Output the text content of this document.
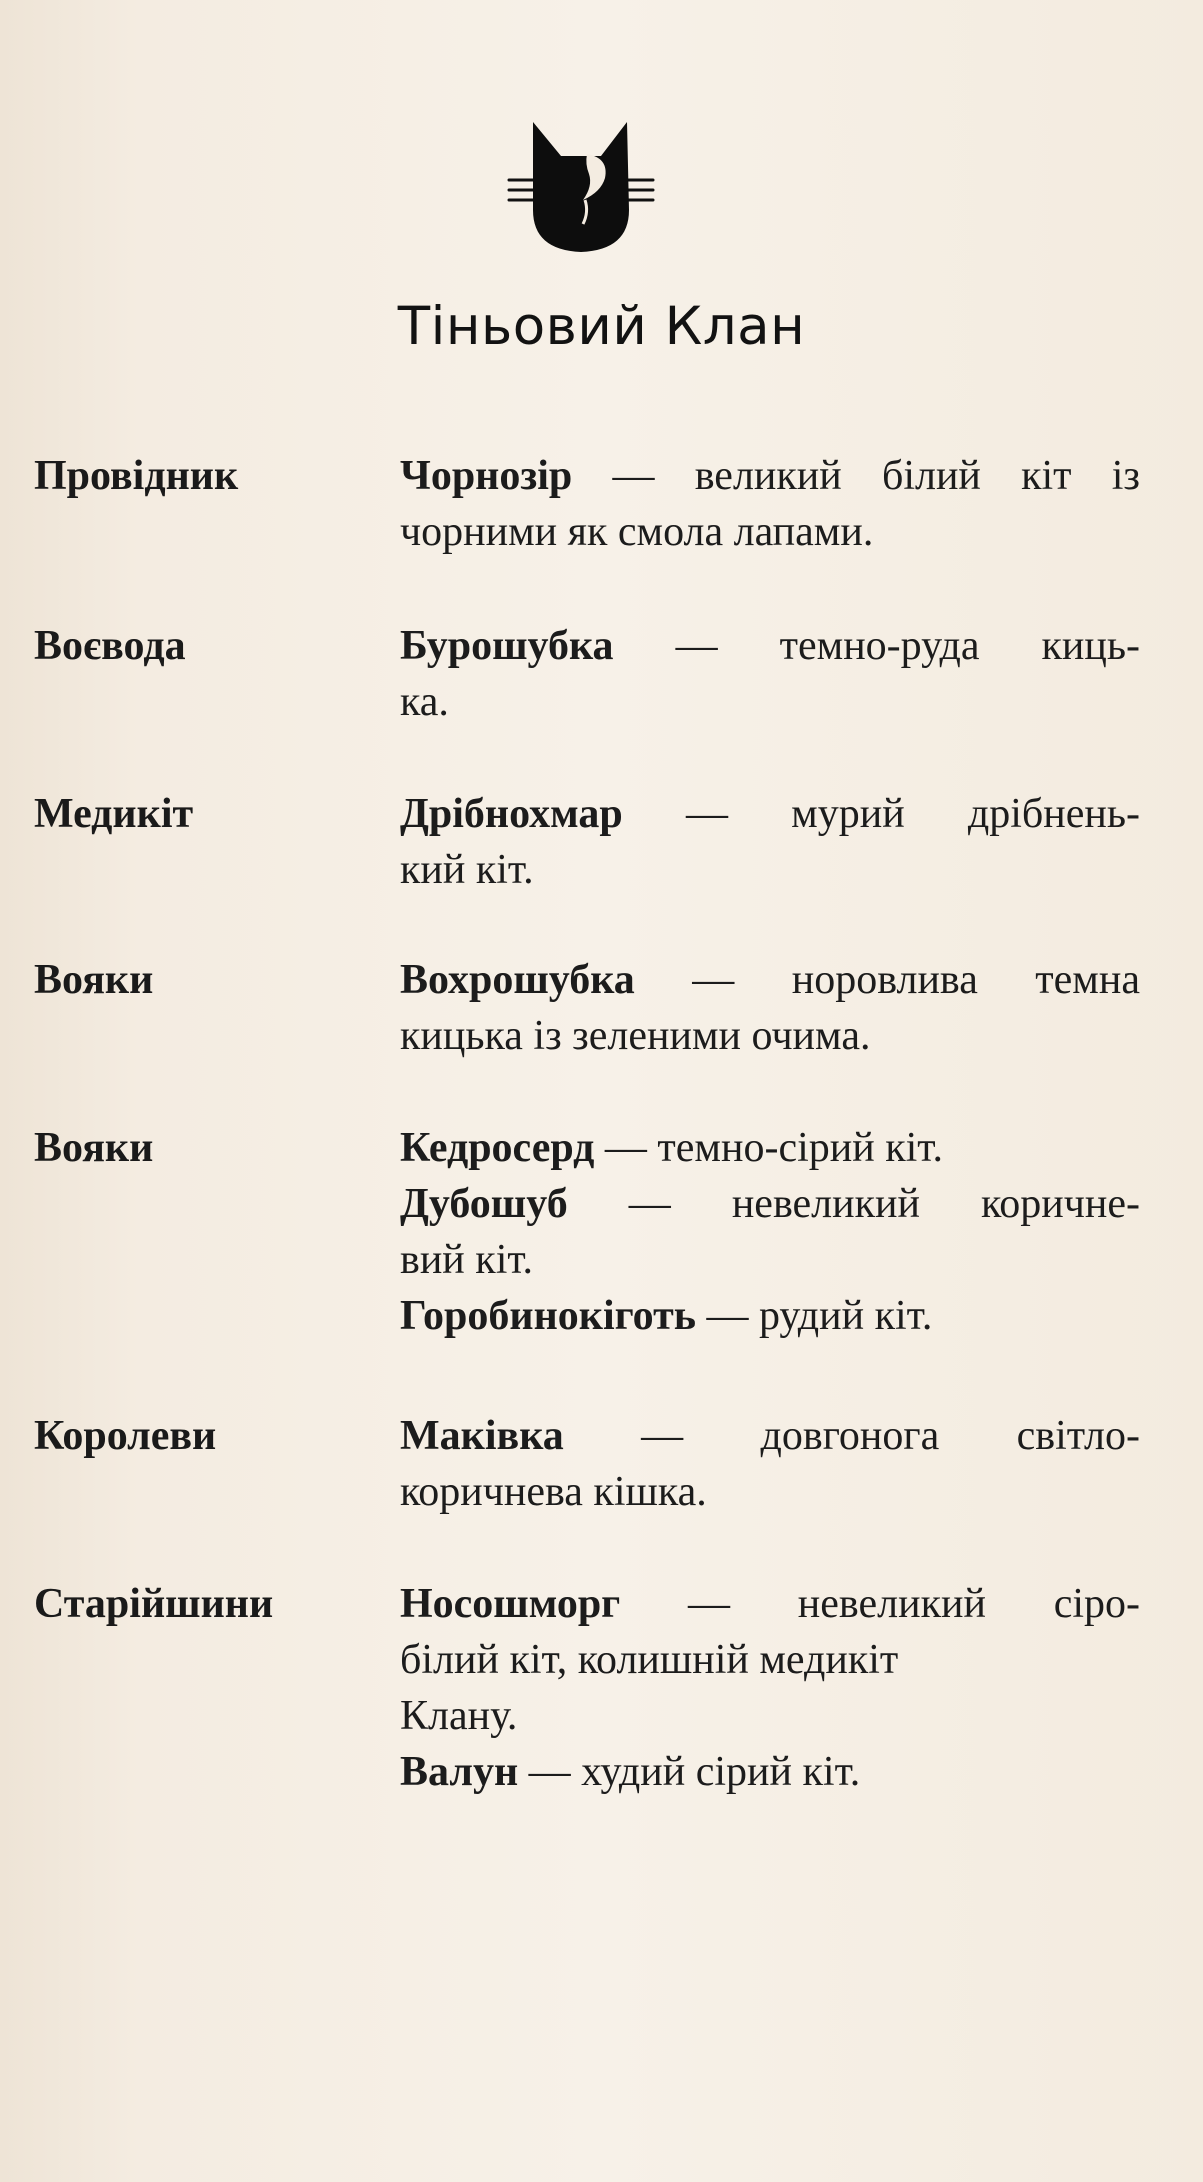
Тіньовий Клан
Провідник
Воєвода
Медикіт
Вояки
Вояки
Королеви
Старійшини
Чорнозір — великий білий кіт із
чорними як смола лапами.
Бурошубка — темно-руда киць-
ка.
Дрібнохмар — мурий дрібнень-
кий кіт.
Вохрошубка — норовлива темна
кицька із зеленими очима.
Кедросерд — темно-сірий кіт.
Дубошуб — невеликий коричне-
вий кіт.
Горобинокіготь — рудий кіт.
Маківка — довгонога світло-
коричнева кішка.
Носошморг — невеликий сіро-
білий кіт, колишній медикіт
Клану.
Валун — худий сірий кіт.
